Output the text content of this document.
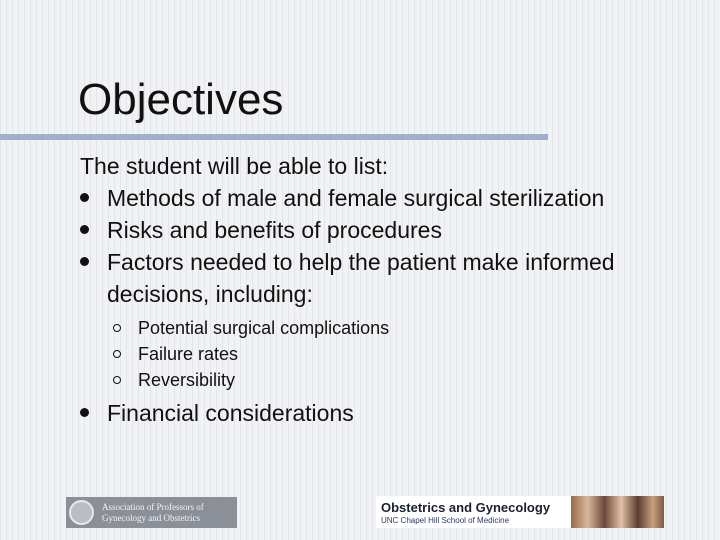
Objectives
The student will be able to list:
Methods of male and female surgical sterilization
Risks and benefits of procedures
Factors needed to help the patient make informed
decisions, including:
Potential surgical complications
Failure rates
Reversibility
Financial considerations
Association of Professors of
Gynecology and Obstetrics
Obstetrics and Gynecology
UNC Chapel Hill School of Medicine
